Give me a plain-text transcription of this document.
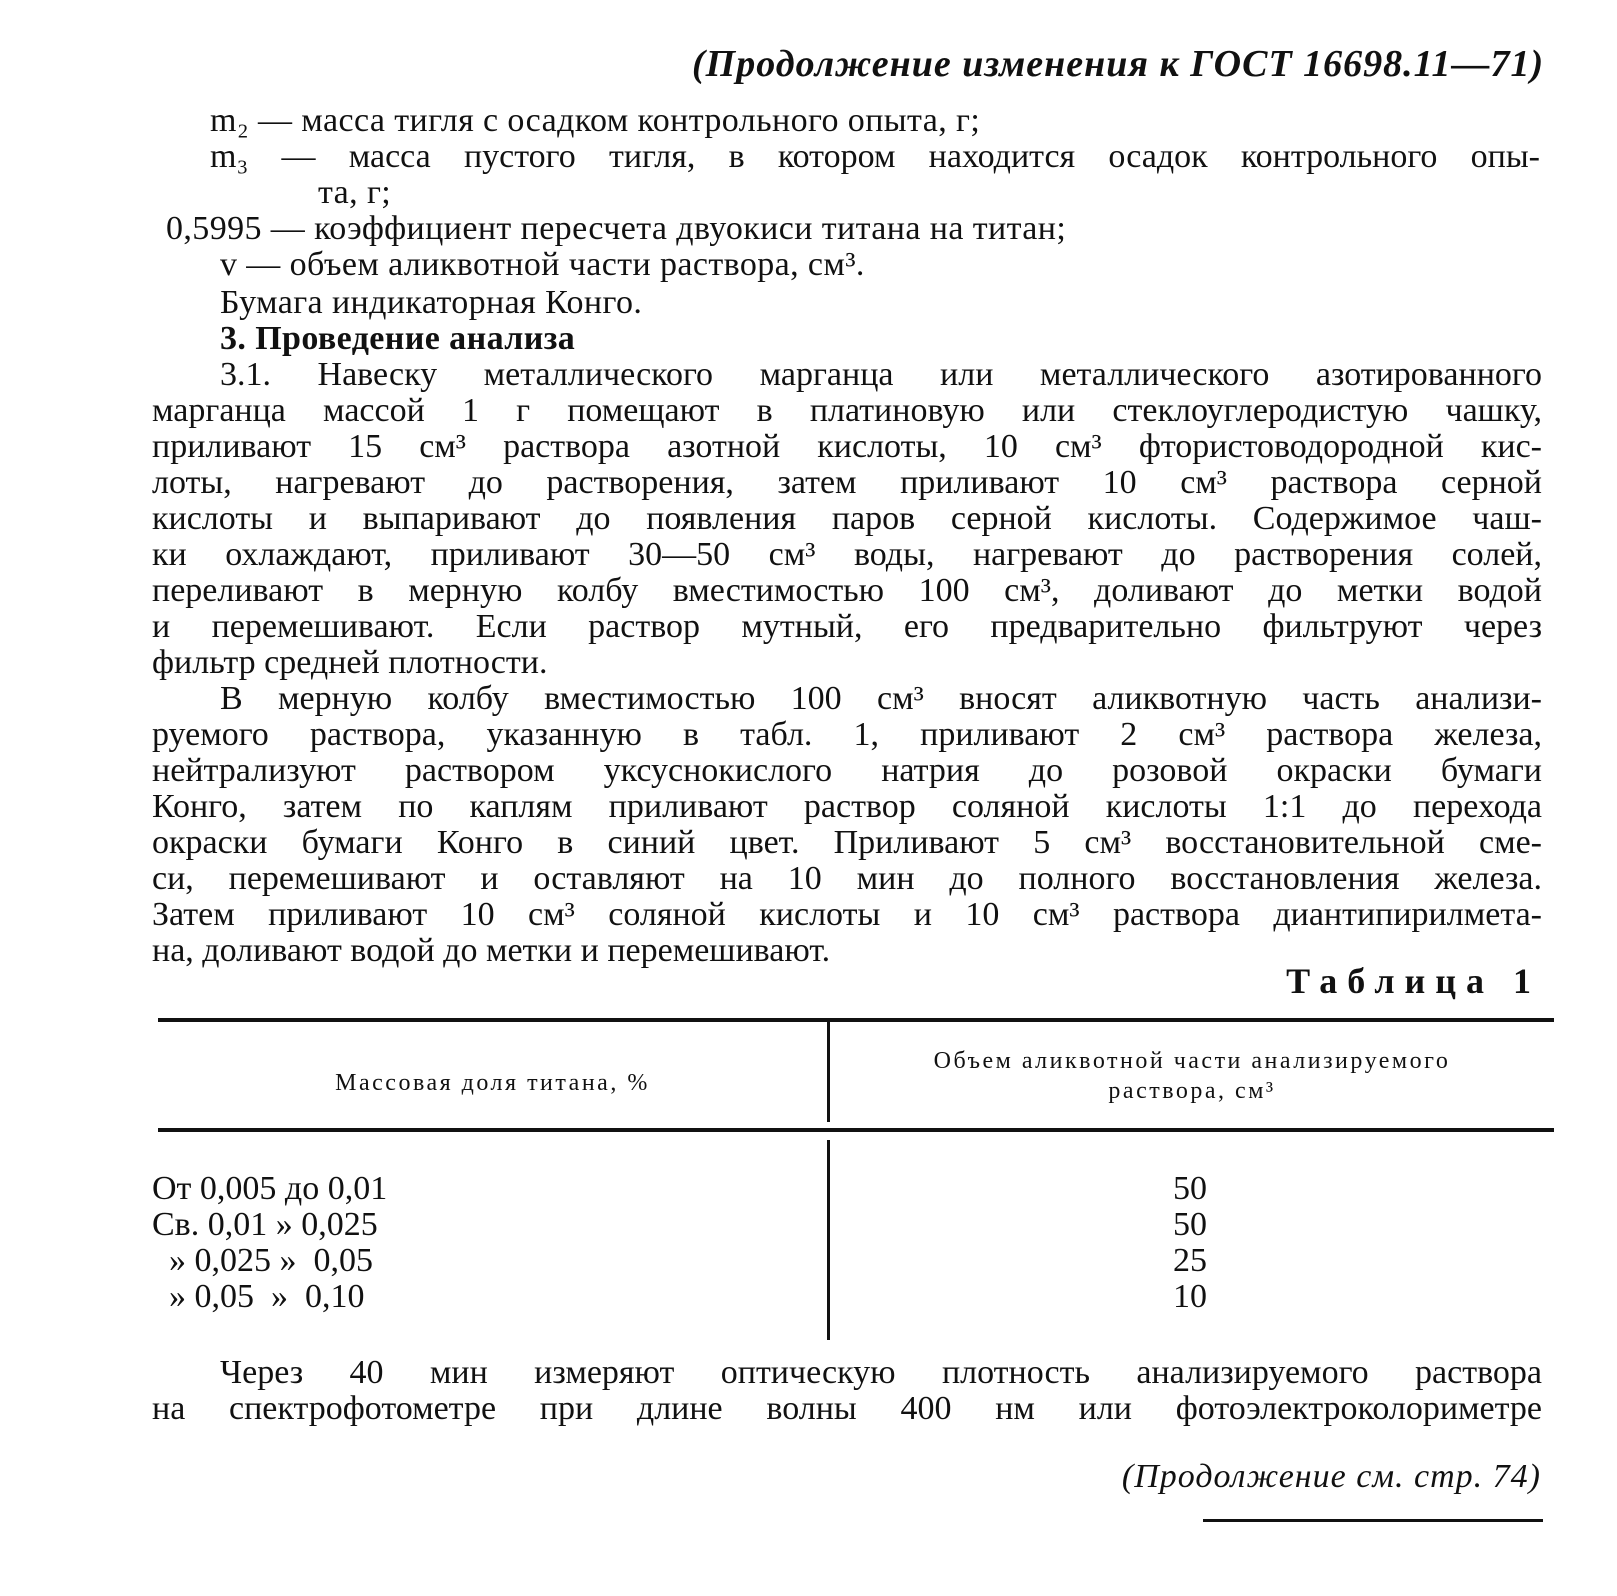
(Продолжение изменения к ГОСТ 16698.11—71)
m₂ — масса тигля с осадком контрольного опыта, г;
m₃ — масса пустого тигля, в котором находится осадок контрольного опы-
та, г;
0,5995 — коэффициент пересчета двуокиси титана на титан;
v — объем аликвотной части раствора, см³.
Бумага индикаторная Конго.
3. Проведение анализа
3.1. Навеску металлического марганца или металлического азотированного
марганца массой 1 г помещают в платиновую или стеклоуглеродистую чашку,
приливают 15 см³ раствора азотной кислоты, 10 см³ фтористоводородной кис-
лоты, нагревают до растворения, затем приливают 10 см³ раствора серной
кислоты и выпаривают до появления паров серной кислоты. Содержимое чаш-
ки охлаждают, приливают 30—50 см³ воды, нагревают до растворения солей,
переливают в мерную колбу вместимостью 100 см³, доливают до метки водой
и перемешивают. Если раствор мутный, его предварительно фильтруют через
фильтр средней плотности.
В мерную колбу вместимостью 100 см³ вносят аликвотную часть анализи-
руемого раствора, указанную в табл. 1, приливают 2 см³ раствора железа,
нейтрализуют раствором уксуснокислого натрия до розовой окраски бумаги
Конго, затем по каплям приливают раствор соляной кислоты 1:1 до перехода
окраски бумаги Конго в синий цвет. Приливают 5 см³ восстановительной сме-
си, перемешивают и оставляют на 10 мин до полного восстановления железа.
Затем приливают 10 см³ соляной кислоты и 10 см³ раствора диантипирилмета-
на, доливают водой до метки и перемешивают.
Таблица 1
Массовая доля титана, %
Объем аликвотной части анализируемого
раствора, см³
От 0,005 до 0,01	50
Св. 0,01 » 0,025	50
» 0,025 »  0,05	25
» 0,05  »  0,10	10
Через 40 мин измеряют оптическую плотность анализируемого раствора
на спектрофотометре при длине волны 400 нм или фотоэлектроколориметре
(Продолжение см. стр. 74)
